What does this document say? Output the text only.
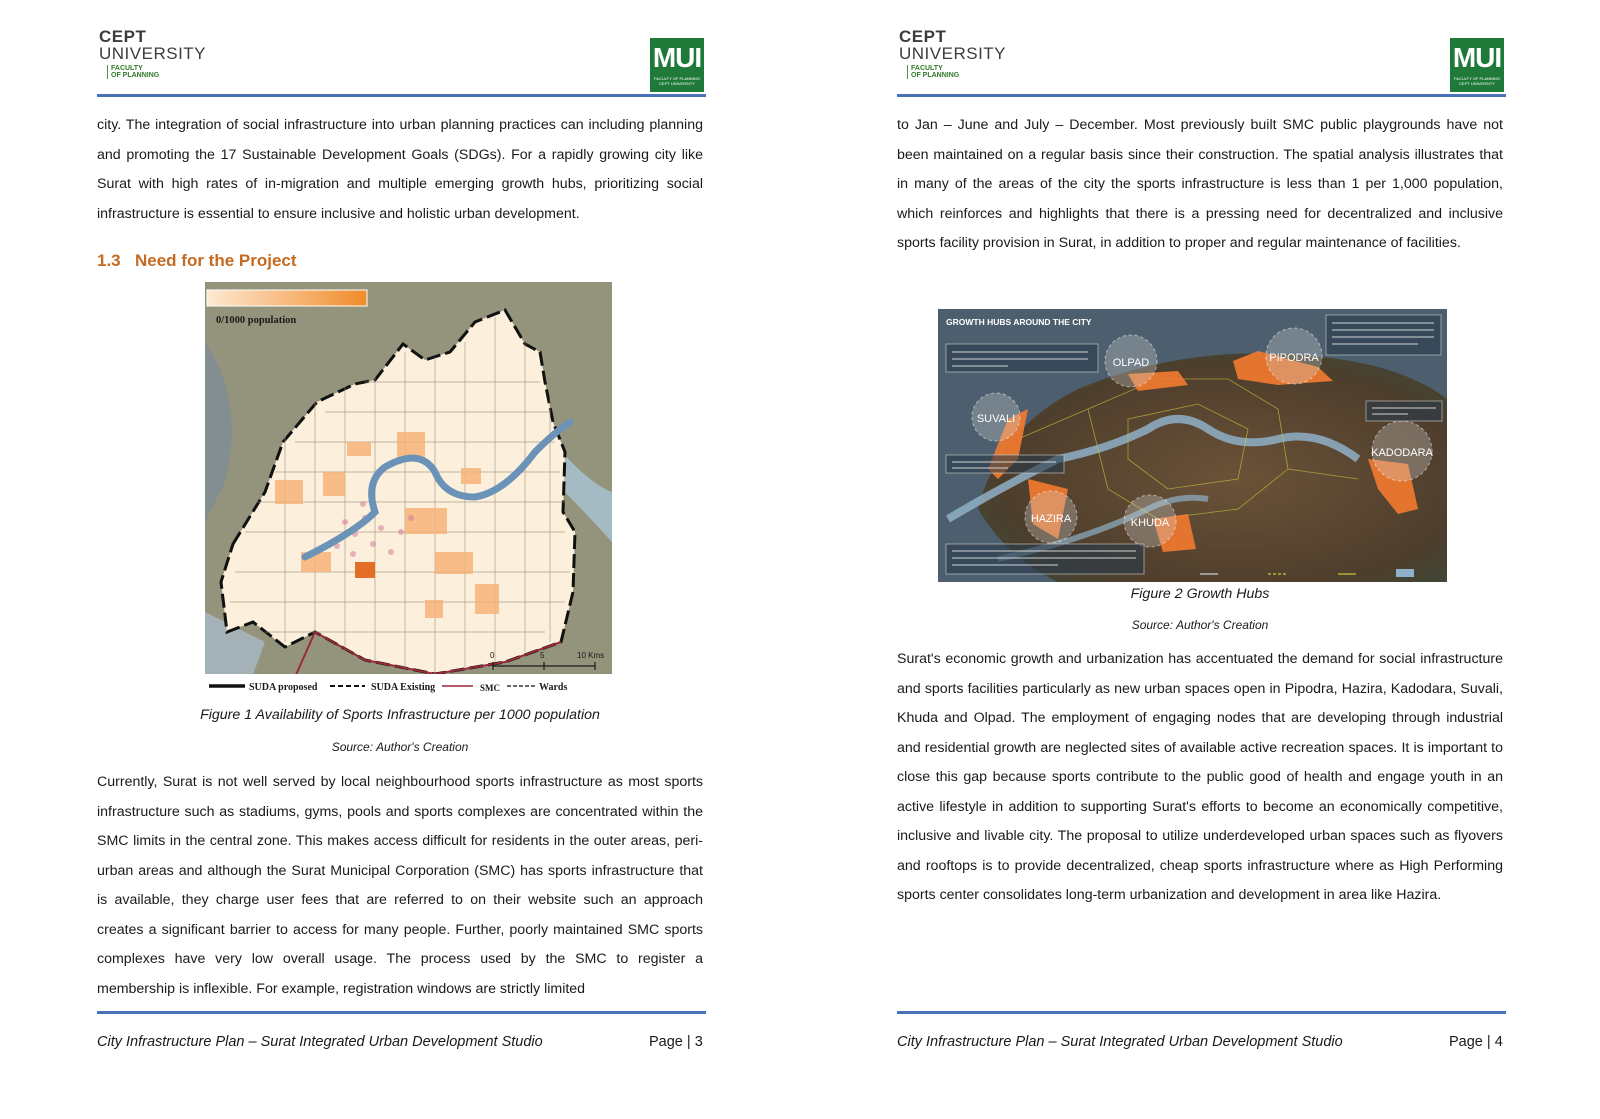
CEPT
UNIVERSITY
FACULTY
OF PLANNING
MUI
FACULTY OF PLANNING
CEPT UNIVERSITY
city. The integration of social infrastructure into urban planning practices can including planning and promoting the 17 Sustainable Development Goals (SDGs). For a rapidly growing city like Surat with high rates of in-migration and multiple emerging growth hubs, prioritizing social infrastructure is essential to ensure inclusive and holistic urban development.
1.3 Need for the Project
0/1000 population
0	5	10 Kms
SUDA proposed	SUDA Existing	SMC	Wards
Figure 1 Availability of Sports Infrastructure per 1000 population
Source: Author's Creation
Currently, Surat is not well served by local neighbourhood sports infrastructure as most sports infrastructure such as stadiums, gyms, pools and sports complexes are concentrated within the SMC limits in the central zone. This makes access difficult for residents in the outer areas, peri-urban areas and although the Surat Municipal Corporation (SMC) has sports infrastructure that is available, they charge user fees that are referred to on their website such an approach creates a significant barrier to access for many people. Further, poorly maintained SMC sports complexes have very low overall usage. The process used by the SMC to register a membership is inflexible. For example, registration windows are strictly limited
City Infrastructure Plan – Surat Integrated Urban Development Studio	Page | 3
CEPT
UNIVERSITY
FACULTY
OF PLANNING
MUI
FACULTY OF PLANNING
CEPT UNIVERSITY
to Jan – June and July – December. Most previously built SMC public playgrounds have not been maintained on a regular basis since their construction. The spatial analysis illustrates that in many of the areas of the city the sports infrastructure is less than 1 per 1,000 population, which reinforces and highlights that there is a pressing need for decentralized and inclusive sports facility provision in Surat, in addition to proper and regular maintenance of facilities.
OLPAD	PIPODRA
SUVALI
KADODARA
HAZIRA	KHUDA
GROWTH HUBS AROUND THE CITY
Figure 2 Growth Hubs
Source: Author's Creation
Surat's economic growth and urbanization has accentuated the demand for social infrastructure and sports facilities particularly as new urban spaces open in Pipodra, Hazira, Kadodara, Suvali, Khuda and Olpad. The employment of engaging nodes that are developing through industrial and residential growth are neglected sites of available active recreation spaces. It is important to close this gap because sports contribute to the public good of health and engage youth in an active lifestyle in addition to supporting Surat's efforts to become an economically competitive, inclusive and livable city. The proposal to utilize underdeveloped urban spaces such as flyovers and rooftops is to provide decentralized, cheap sports infrastructure where as High Performing sports center consolidates long-term urbanization and development in area like Hazira.
City Infrastructure Plan – Surat Integrated Urban Development Studio	Page | 4
